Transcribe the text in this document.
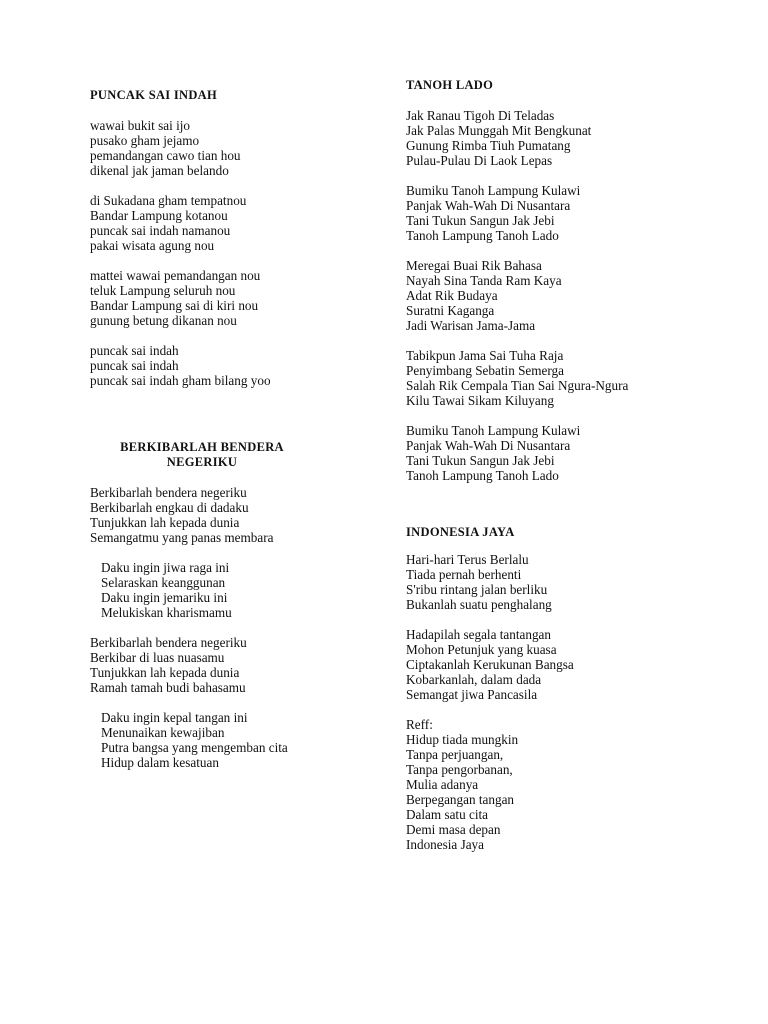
PUNCAK SAI INDAH
wawai bukit sai ijo
pusako gham jejamo
pemandangan cawo tian hou
dikenal jak jaman belando
di Sukadana gham tempatnou
Bandar Lampung kotanou
puncak sai indah namanou
pakai wisata agung nou
mattei wawai pemandangan nou
teluk Lampung seluruh nou
Bandar Lampung sai di kiri nou
gunung betung dikanan nou
puncak sai indah
puncak sai indah
puncak sai indah gham bilang yoo
BERKIBARLAH BENDERA
NEGERIKU
Berkibarlah bendera negeriku
Berkibarlah engkau di dadaku
Tunjukkan lah kepada dunia
Semangatmu yang panas membara
Daku ingin jiwa raga ini
Selaraskan keanggunan
Daku ingin jemariku ini
Melukiskan kharismamu
Berkibarlah bendera negeriku
Berkibar di luas nuasamu
Tunjukkan lah kepada dunia
Ramah tamah budi bahasamu
Daku ingin kepal tangan ini
Menunaikan kewajiban
Putra bangsa yang mengemban cita
Hidup dalam kesatuan
TANOH LADO
Jak Ranau Tigoh Di Teladas
Jak Palas Munggah Mit Bengkunat
Gunung Rimba Tiuh Pumatang
Pulau-Pulau Di Laok Lepas
Bumiku Tanoh Lampung Kulawi
Panjak Wah-Wah Di Nusantara
Tani Tukun Sangun Jak Jebi
Tanoh Lampung Tanoh Lado
Meregai Buai Rik Bahasa
Nayah Sina Tanda Ram Kaya
Adat Rik Budaya
Suratni Kaganga
Jadi Warisan Jama-Jama
Tabikpun Jama Sai Tuha Raja
Penyimbang Sebatin Semerga
Salah Rik Cempala Tian Sai Ngura-Ngura
Kilu Tawai Sikam Kiluyang
Bumiku Tanoh Lampung Kulawi
Panjak Wah-Wah Di Nusantara
Tani Tukun Sangun Jak Jebi
Tanoh Lampung Tanoh Lado
INDONESIA JAYA
Hari-hari Terus Berlalu
Tiada pernah berhenti
S'ribu rintang jalan berliku
Bukanlah suatu penghalang
Hadapilah segala tantangan
Mohon Petunjuk yang kuasa
Ciptakanlah Kerukunan Bangsa
Kobarkanlah, dalam dada
Semangat jiwa Pancasila
Reff:
Hidup tiada mungkin
Tanpa perjuangan,
Tanpa pengorbanan,
Mulia adanya
Berpegangan tangan
Dalam satu cita
Demi masa depan
Indonesia Jaya
